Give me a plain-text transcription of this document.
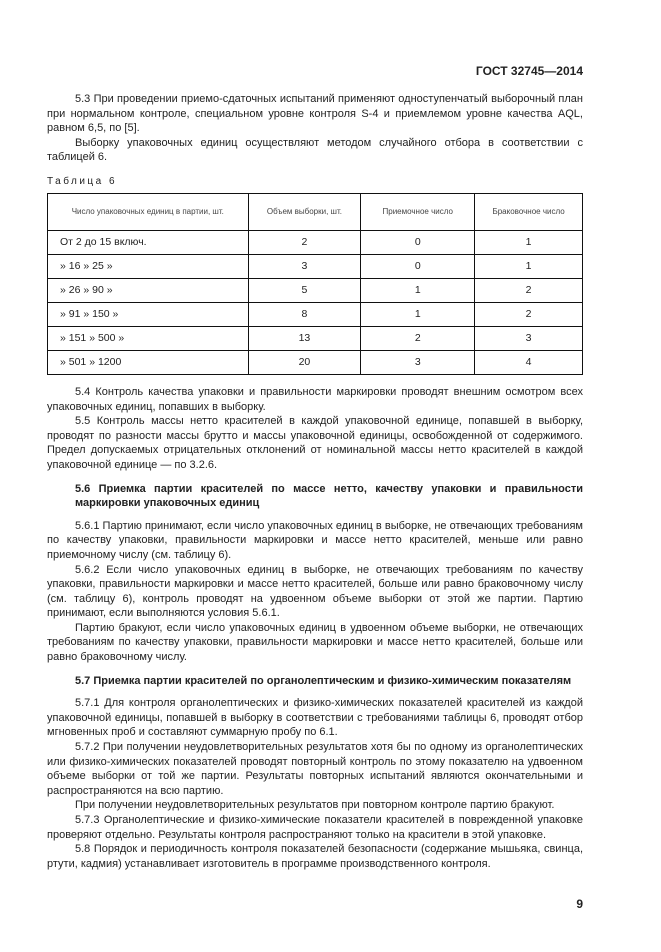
ГОСТ 32745—2014

5.3 При проведении приемо-сдаточных испытаний применяют одноступенчатый выборочный план при нормальном контроле, специальном уровне контроля S-4 и приемлемом уровне качества AQL, равном 6,5, по [5].

Выборку упаковочных единиц осуществляют методом случайного отбора в соответствии с таблицей 6.

Таблица 6
Число упаковочных единиц в партии, шт.	Объем выборки, шт.	Приемочное число	Браковочное число
От 2 до 15 включ.	2	0	1
» 16 » 25 »	3	0	1
» 26 » 90 »	5	1	2
» 91 » 150 »	8	1	2
» 151 » 500 »	13	2	3
» 501 » 1200	20	3	4

5.4 Контроль качества упаковки и правильности маркировки проводят внешним осмотром всех упаковочных единиц, попавших в выборку.

5.5 Контроль массы нетто красителей в каждой упаковочной единице, попавшей в выборку, проводят по разности массы брутто и массы упаковочной единицы, освобожденной от содержимого. Предел допускаемых отрицательных отклонений от номинальной массы нетто красителей в каждой упаковочной единице — по 3.2.6.

5.6 Приемка партии красителей по массе нетто, качеству упаковки и правильности маркировки упаковочных единиц

5.6.1 Партию принимают, если число упаковочных единиц в выборке, не отвечающих требованиям по качеству упаковки, правильности маркировки и массе нетто красителей, меньше или равно приемочному числу (см. таблицу 6).

5.6.2 Если число упаковочных единиц в выборке, не отвечающих требованиям по качеству упаковки, правильности маркировки и массе нетто красителей, больше или равно браковочному числу (см. таблицу 6), контроль проводят на удвоенном объеме выборки от этой же партии. Партию принимают, если выполняются условия 5.6.1.

Партию бракуют, если число упаковочных единиц в удвоенном объеме выборки, не отвечающих требованиям по качеству упаковки, правильности маркировки и массе нетто красителей, больше или равно браковочному числу.

5.7 Приемка партии красителей по органолептическим и физико-химическим показателям

5.7.1 Для контроля органолептических и физико-химических показателей красителей из каждой упаковочной единицы, попавшей в выборку в соответствии с требованиями таблицы 6, проводят отбор мгновенных проб и составляют суммарную пробу по 6.1.

5.7.2 При получении неудовлетворительных результатов хотя бы по одному из органолептических или физико-химических показателей проводят повторный контроль по этому показателю на удвоенном объеме выборки от той же партии. Результаты повторных испытаний являются окончательными и распространяются на всю партию.

При получении неудовлетворительных результатов при повторном контроле партию бракуют.

5.7.3 Органолептические и физико-химические показатели красителей в поврежденной упаковке проверяют отдельно. Результаты контроля распространяют только на красители в этой упаковке.

5.8 Порядок и периодичность контроля показателей безопасности (содержание мышьяка, свинца, ртути, кадмия) устанавливает изготовитель в программе производственного контроля.

9
